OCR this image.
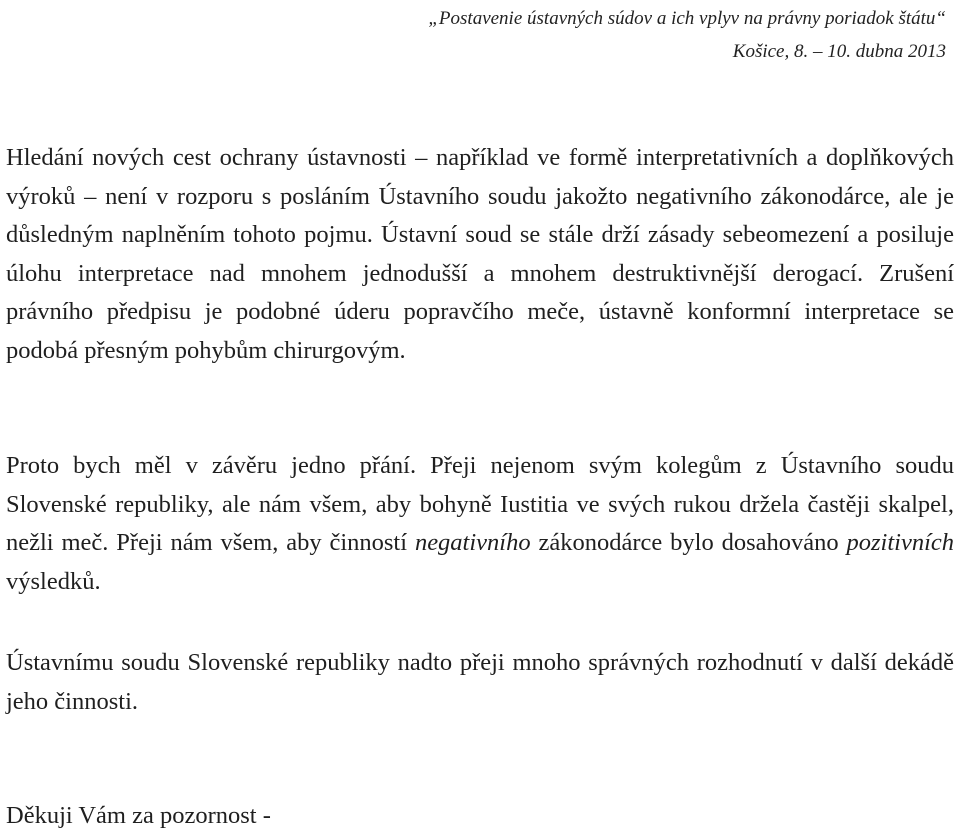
„Postavenie ústavných súdov a ich vplyv na právny poriadok štátu“
Košice, 8. – 10. dubna 2013

Hledání nových cest ochrany ústavnosti – například ve formě interpretativních a doplňkových výroků – není v rozporu s posláním Ústavního soudu jakožto negativního zákonodárce, ale je důsledným naplněním tohoto pojmu. Ústavní soud se stále drží zásady sebeomezení a posiluje úlohu interpretace nad mnohem jednodušší a mnohem destruktivnější derogací. Zrušení právního předpisu je podobné úderu popravčího meče, ústavně konformní interpretace se podobá přesným pohybům chirurgovým.

Proto bych měl v závěru jedno přání. Přeji nejenom svým kolegům z Ústavního soudu Slovenské republiky, ale nám všem, aby bohyně Iustitia ve svých rukou držela častěji skalpel, nežli meč. Přeji nám všem, aby činností negativního zákonodárce bylo dosahováno pozitivních výsledků.

Ústavnímu soudu Slovenské republiky nadto přeji mnoho správných rozhodnutí v další dekádě jeho činnosti.

Děkuji Vám za pozornost -
